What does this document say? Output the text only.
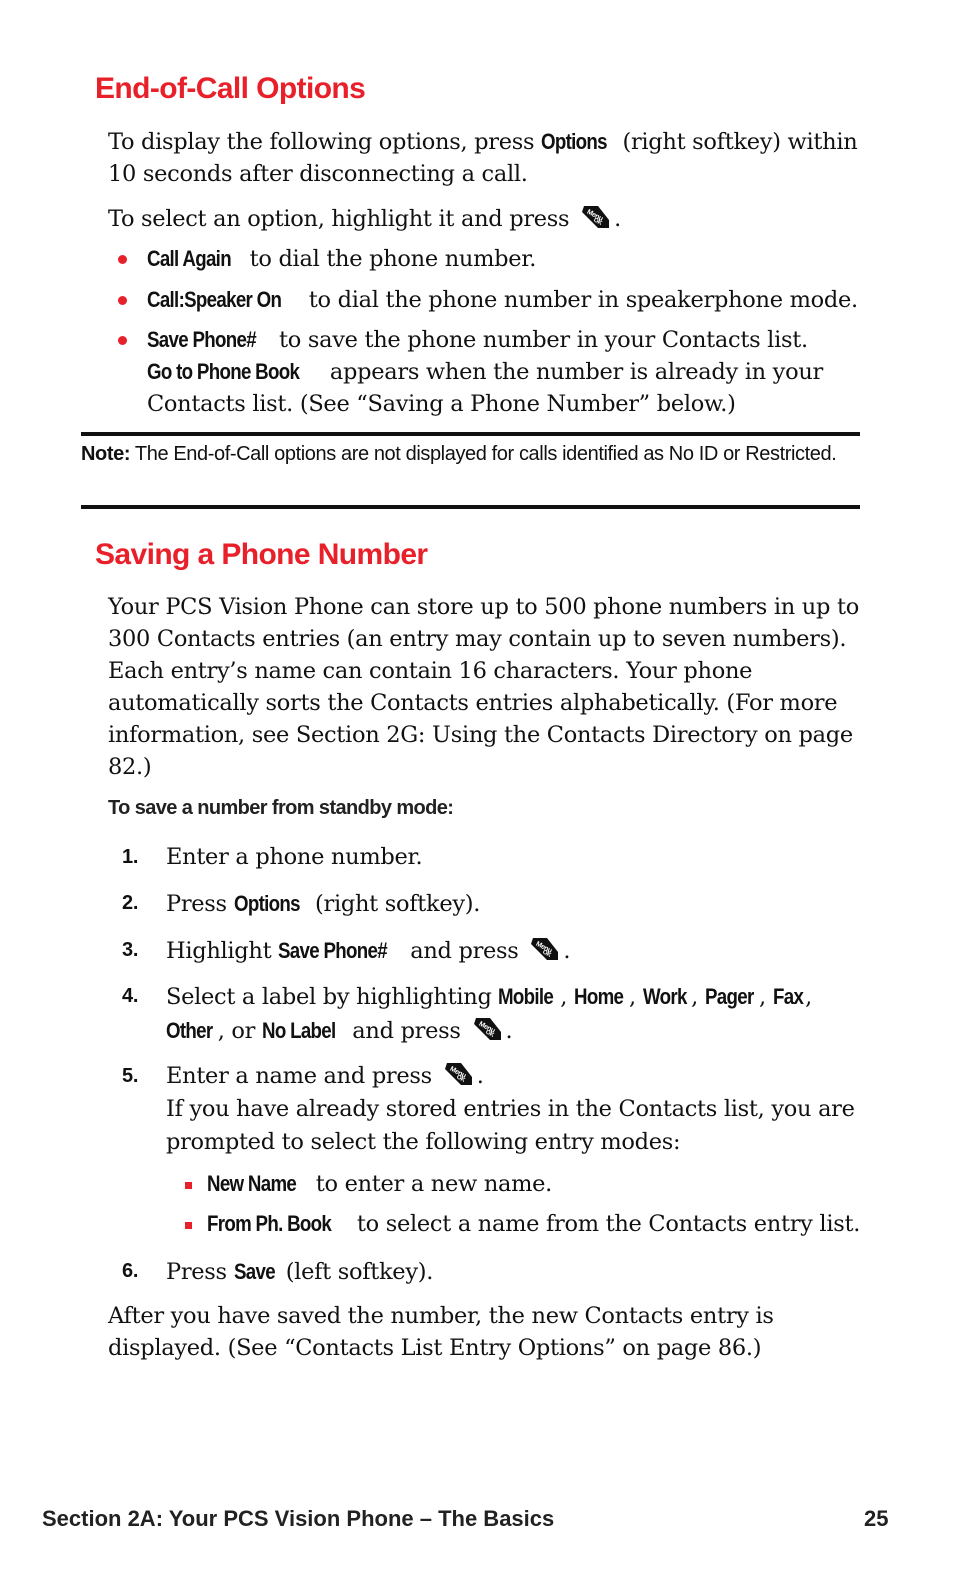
End-of-Call Options

To display the following options, press Options (right softkey) within 10 seconds after disconnecting a call.

To select an option, highlight it and press .

Call Again to dial the phone number.
Call:Speaker On to dial the phone number in speakerphone mode.
Save Phone# to save the phone number in your Contacts list.
Go to Phone Book appears when the number is already in your Contacts list. (See “Saving a Phone Number” below.)

Note: The End-of-Call options are not displayed for calls identified as No ID or Restricted.

Saving a Phone Number

Your PCS Vision Phone can store up to 500 phone numbers in up to 300 Contacts entries (an entry may contain up to seven numbers). Each entry’s name can contain 16 characters. Your phone automatically sorts the Contacts entries alphabetically. (For more information, see Section 2G: Using the Contacts Directory on page 82.)

To save a number from standby mode:

1.	Enter a phone number.
2.	Press Options (right softkey).
3.	Highlight Save Phone# and press .
4.	Select a label by highlighting Mobile , Home , Work , Pager , Fax ,
Other , or No Label and press .
5.	Enter a name and press .
If you have already stored entries in the Contacts list, you are prompted to select the following entry modes:
New Name to enter a new name.
From Ph. Book to select a name from the Contacts entry list.
6.	Press Save (left softkey).

After you have saved the number, the new Contacts entry is displayed. (See “Contacts List Entry Options” on page 86.)

Section 2A: Your PCS Vision Phone – The Basics	25
